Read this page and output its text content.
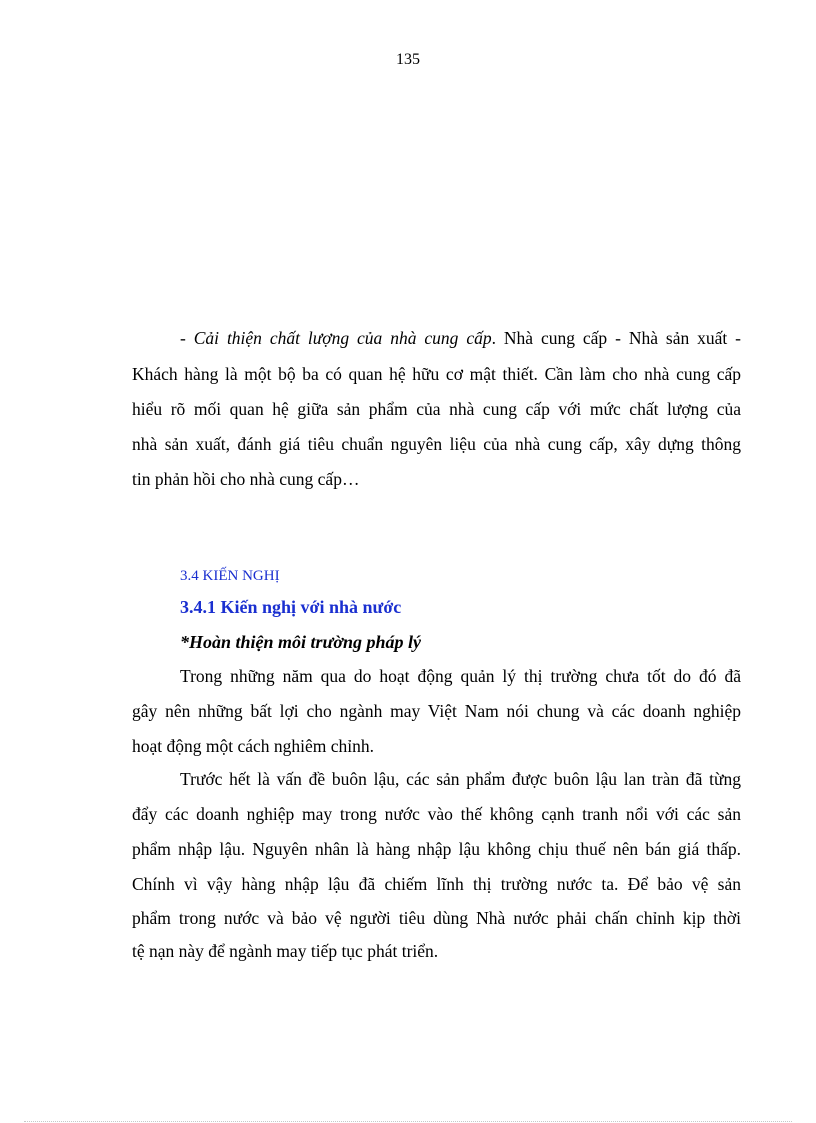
135
- Cải thiện chất lượng của nhà cung cấp. Nhà cung cấp - Nhà sản xuất -
Khách hàng là một bộ ba có quan hệ hữu cơ mật thiết. Cần làm cho nhà cung cấp
hiểu rõ mối quan hệ giữa sản phẩm của nhà cung cấp với mức chất lượng của
nhà sản xuất, đánh giá tiêu chuẩn nguyên liệu của nhà cung cấp, xây dựng thông
tin phản hồi cho nhà cung cấp…
3.4 KIẾN NGHỊ
3.4.1 Kiến nghị với nhà nước
*Hoàn thiện môi trường pháp lý
Trong những năm qua do hoạt động quản lý thị trường chưa tốt do đó đã
gây nên những bất lợi cho ngành may Việt Nam nói chung và các doanh nghiệp
hoạt động một cách nghiêm chỉnh.
Trước hết là vấn đề buôn lậu, các sản phẩm được buôn lậu lan tràn đã từng
đẩy các doanh nghiệp may trong nước vào thế không cạnh tranh nổi với các sản
phẩm nhập lậu. Nguyên nhân là hàng nhập lậu không chịu thuế nên bán giá thấp.
Chính vì vậy hàng nhập lậu đã chiếm lĩnh thị trường nước ta. Để bảo vệ sản
phẩm trong nước và bảo vệ người tiêu dùng Nhà nước phải chấn chỉnh kịp thời
tệ nạn này để ngành may tiếp tục phát triển.
